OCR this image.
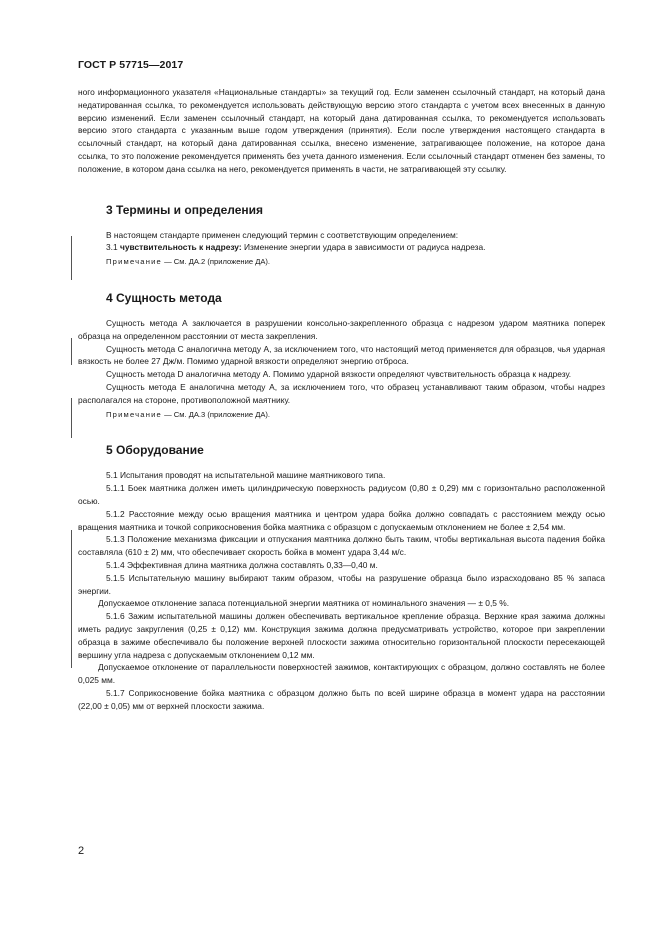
ГОСТ Р 57715—2017

ного информационного указателя «Национальные стандарты» за текущий год. Если заменен ссылочный стандарт, на который дана недатированная ссылка, то рекомендуется использовать действующую версию этого стандарта с учетом всех внесенных в данную версию изменений. Если заменен ссылочный стандарт, на который дана датированная ссылка, то рекомендуется использовать версию этого стандарта с указанным выше годом утверждения (принятия). Если после утверждения настоящего стандарта в ссылочный стандарт, на который дана датированная ссылка, внесено изменение, затрагивающее положение, на которое дана ссылка, то это положение рекомендуется применять без учета данного изменения. Если ссылочный стандарт отменен без замены, то положение, в котором дана ссылка на него, рекомендуется применять в части, не затрагивающей эту ссылку.

3 Термины и определения

В настоящем стандарте применен следующий термин с соответствующим определением:

3.1 чувствительность к надрезу: Изменение энергии удара в зависимости от радиуса надреза.

Примечание — См. ДА.2 (приложение ДА).

4 Сущность метода

Сущность метода А заключается в разрушении консольно-закрепленного образца с надрезом ударом маятника поперек образца на определенном расстоянии от места закрепления.

Сущность метода С аналогична методу А, за исключением того, что настоящий метод применяется для образцов, чья ударная вязкость не более 27 Дж/м. Помимо ударной вязкости определяют энергию отброса.

Сущность метода D аналогична методу А. Помимо ударной вязкости определяют чувствительность образца к надрезу.

Сущность метода Е аналогична методу А, за исключением того, что образец устанавливают таким образом, чтобы надрез располагался на стороне, противоположной маятнику.

Примечание — См. ДА.3 (приложение ДА).

5 Оборудование

5.1 Испытания проводят на испытательной машине маятникового типа.

5.1.1 Боек маятника должен иметь цилиндрическую поверхность радиусом (0,80 ± 0,29) мм с горизонтально расположенной осью.

5.1.2 Расстояние между осью вращения маятника и центром удара бойка должно совпадать с расстоянием между осью вращения маятника и точкой соприкосновения бойка маятника с образцом с допускаемым отклонением не более ± 2,54 мм.

5.1.3 Положение механизма фиксации и отпускания маятника должно быть таким, чтобы вертикальная высота падения бойка составляла (610 ± 2) мм, что обеспечивает скорость бойка в момент удара 3,44 м/с.

5.1.4 Эффективная длина маятника должна составлять 0,33—0,40 м.

5.1.5 Испытательную машину выбирают таким образом, чтобы на разрушение образца было израсходовано 85 % запаса энергии.

Допускаемое отклонение запаса потенциальной энергии маятника от номинального значения — ± 0,5 %.

5.1.6 Зажим испытательной машины должен обеспечивать вертикальное крепление образца. Верхние края зажима должны иметь радиус закругления (0,25 ± 0,12) мм. Конструкция зажима должна предусматривать устройство, которое при закреплении образца в зажиме обеспечивало бы положение верхней плоскости зажима относительно горизонтальной плоскости пересекающей вершину угла надреза с допускаемым отклонением 0,12 мм.

Допускаемое отклонение от параллельности поверхностей зажимов, контактирующих с образцом, должно составлять не более 0,025 мм.

5.1.7 Соприкосновение бойка маятника с образцом должно быть по всей ширине образца в момент удара на расстоянии (22,00 ± 0,05) мм от верхней плоскости зажима.

2
